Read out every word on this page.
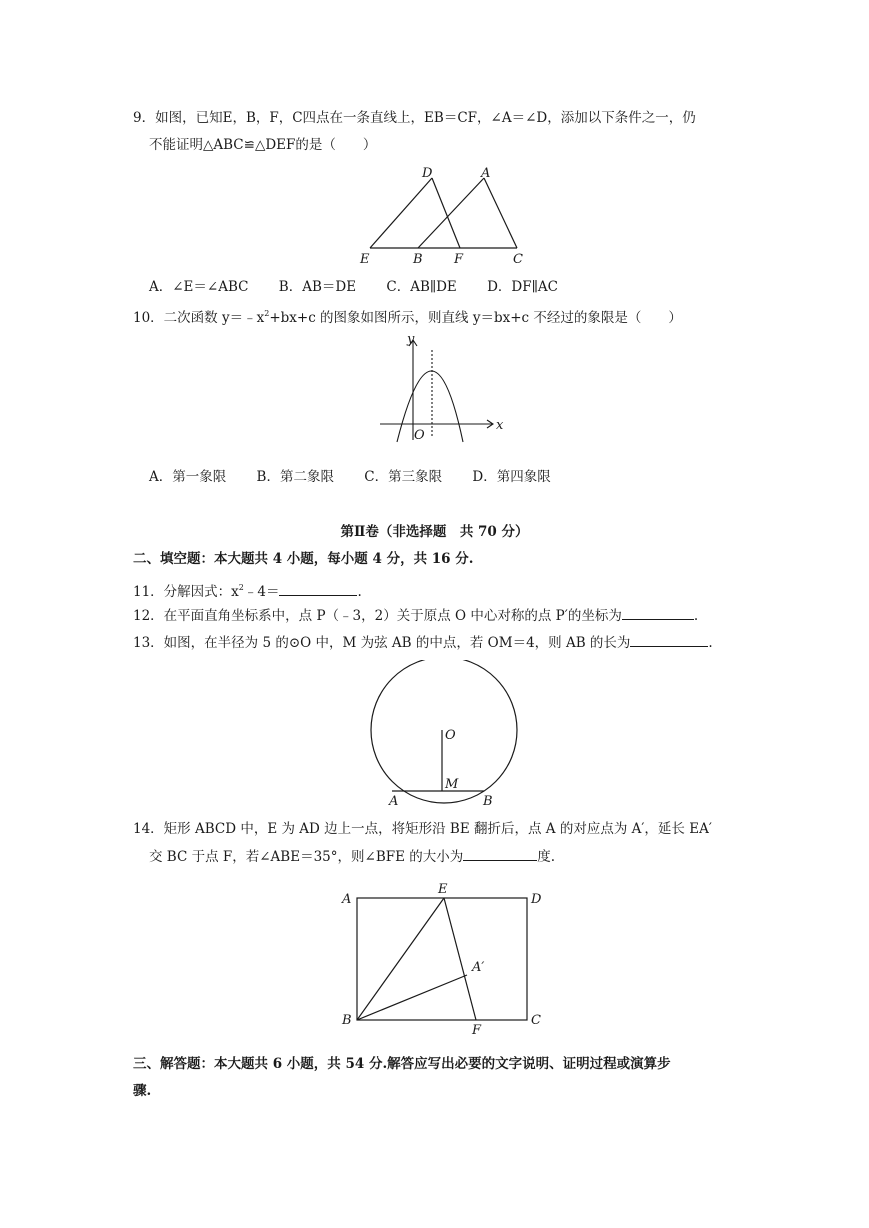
9．如图，已知E，B，F，C四点在一条直线上，EB＝CF，∠A＝∠D，添加以下条件之一，仍
不能证明△ABC≌△DEF的是（　　）
D	A
E	B F	C
A．∠E＝∠ABC B．AB＝DE C．AB∥DE D．DF∥AC
10．二次函数 $y=﹣x^2+bx+c$ 的图象如图所示，则直线 y＝bx+c 不经过的象限是（　　）
y
x
O
A．第一象限 B．第二象限 C．第三象限 D．第四象限
第Ⅱ卷（非选择题　共 70 分）
二、填空题：本大题共 4 小题，每小题 4 分，共 16 分.
11．分解因式：$x^2﹣4=$	.
12．在平面直角坐标系中，点 P（﹣3，2）关于原点 O 中心对称的点 P′的坐标为	.
13．如图，在半径为 5 的⊙O 中，M 为弦 AB 的中点，若 OM＝4，则 AB 的长为	.
O
M
A	B
14．矩形 ABCD 中，E 为 AD 边上一点，将矩形沿 BE 翻折后，点 A 的对应点为 A′，延长 EA′
交 BC 于点 F，若∠ABE＝35°，则∠BFE 的大小为	度.
A
E
D
A′
B
F
C
三、解答题：本大题共 6 小题，共 54 分.解答应写出必要的文字说明、证明过程或演算步
骤.
